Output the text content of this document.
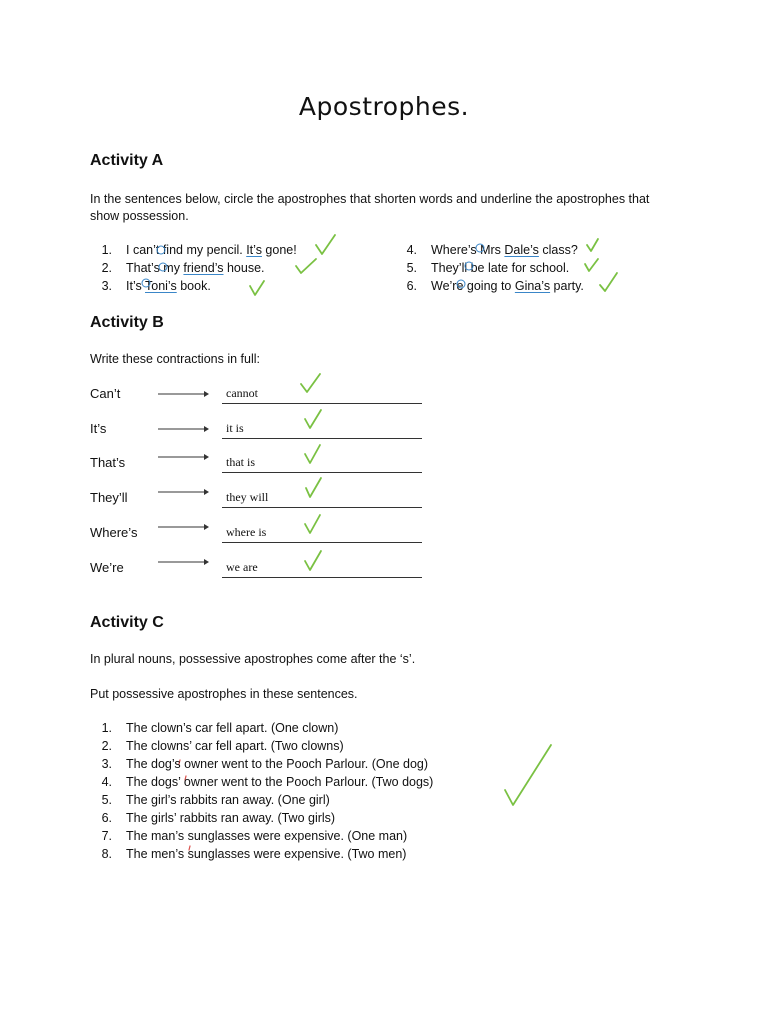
Apostrophes.
Activity A
In the sentences below, circle the apostrophes that shorten words and underline the apostrophes that show possession.
1. I can’t find my pencil. It’s gone!
2. That’s my friend’s house.
3. It’s Toni’s book.
4. Where’s Mrs Dale’s class?
5. They’ll be late for school.
6. We’re going to Gina’s party.
Activity B
Write these contractions in full:
Can’t	cannot
It’s	it is
That’s	that is
They’ll	they will
Where’s	where is
We’re	we are
Activity C
In plural nouns, possessive apostrophes come after the ‘s’.
Put possessive apostrophes in these sentences.
1. The clown’s car fell apart. (One clown)
2. The clowns’ car fell apart. (Two clowns)
3. The dog’s owner went to the Pooch Parlour. (One dog)
4. The dogs’ owner went to the Pooch Parlour. (Two dogs)
5. The girl’s rabbits ran away. (One girl)
6. The girls’ rabbits ran away. (Two girls)
7. The man’s sunglasses were expensive. (One man)
8. The men’s sunglasses were expensive. (Two men)
